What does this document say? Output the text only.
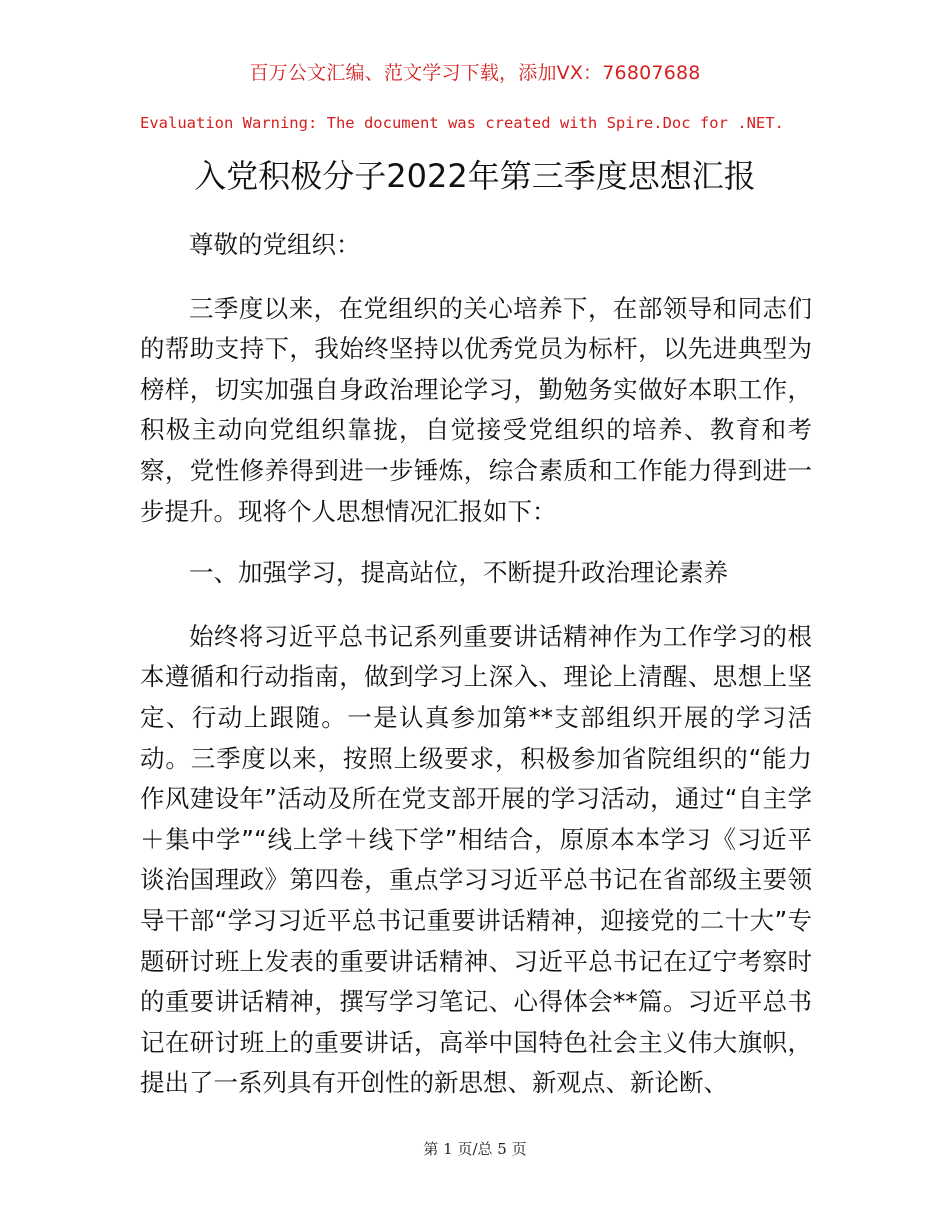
百万公文汇编、范文学习下载，添加VX：76807688
Evaluation Warning: The document was created with Spire.Doc for .NET.
入党积极分子2022年第三季度思想汇报

尊敬的党组织：

三季度以来，在党组织的关心培养下，在部领导和同志们的帮助支持下，我始终坚持以优秀党员为标杆，以先进典型为榜样，切实加强自身政治理论学习，勤勉务实做好本职工作，积极主动向党组织靠拢，自觉接受党组织的培养、教育和考察，党性修养得到进一步锤炼，综合素质和工作能力得到进一步提升。现将个人思想情况汇报如下：

一、加强学习，提高站位，不断提升政治理论素养

始终将习近平总书记系列重要讲话精神作为工作学习的根本遵循和行动指南，做到学习上深入、理论上清醒、思想上坚定、行动上跟随。一是认真参加第**支部组织开展的学习活动。三季度以来，按照上级要求，积极参加省院组织的“能力作风建设年”活动及所在党支部开展的学习活动，通过“自主学＋集中学”“线上学＋线下学”相结合，原原本本学习《习近平谈治国理政》第四卷，重点学习习近平总书记在省部级主要领导干部“学习习近平总书记重要讲话精神，迎接党的二十大”专题研讨班上发表的重要讲话精神、习近平总书记在辽宁考察时的重要讲话精神，撰写学习笔记、心得体会**篇。习近平总书记在研讨班上的重要讲话，高举中国特色社会主义伟大旗帜，提出了一系列具有开创性的新思想、新观点、新论断、

第 1 页/总 5 页
